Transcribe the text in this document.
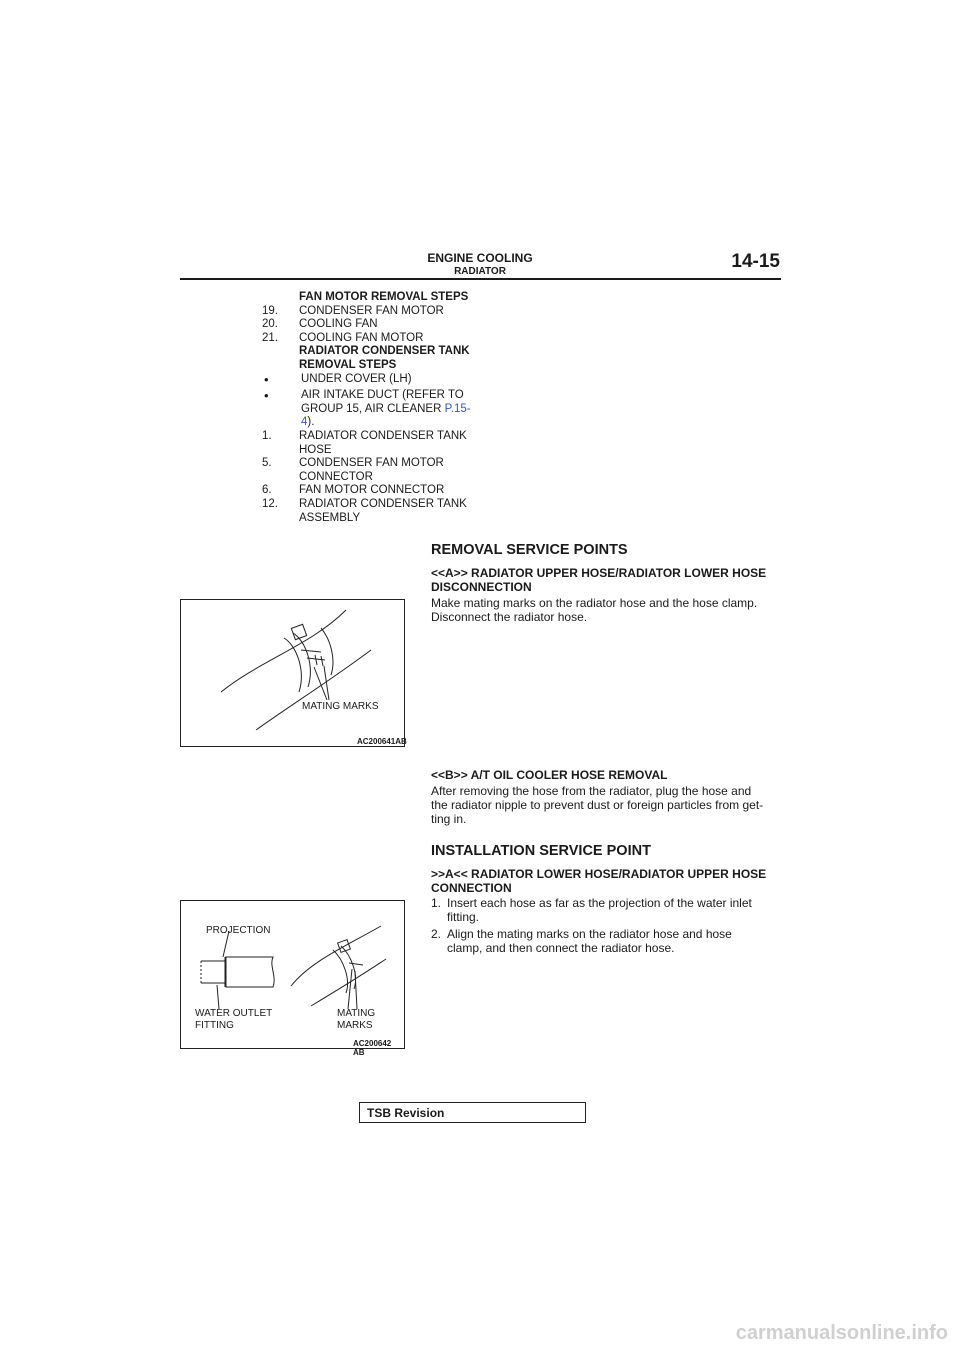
ENGINE COOLING
RADIATOR	14-15
FAN MOTOR REMOVAL STEPS
19.	CONDENSER FAN MOTOR
20.	COOLING FAN
21.	COOLING FAN MOTOR
RADIATOR CONDENSER TANK
REMOVAL STEPS
•	UNDER COVER (LH)
•	AIR INTAKE DUCT (REFER TO
GROUP 15, AIR CLEANER P.15-
4).
1.	RADIATOR CONDENSER TANK
HOSE
5.	CONDENSER FAN MOTOR
CONNECTOR
6.	FAN MOTOR CONNECTOR
12.	RADIATOR CONDENSER TANK
ASSEMBLY
REMOVAL SERVICE POINTS
<<A>> RADIATOR UPPER HOSE/RADIATOR LOWER HOSE
DISCONNECTION
Make mating marks on the radiator hose and the hose clamp.
Disconnect the radiator hose.
<<B>> A/T OIL COOLER HOSE REMOVAL
After removing the hose from the radiator, plug the hose and
the radiator nipple to prevent dust or foreign particles from get-
ting in.
INSTALLATION SERVICE POINT
>>A<< RADIATOR LOWER HOSE/RADIATOR UPPER HOSE
CONNECTION
1. Insert each hose as far as the projection of the water inlet
fitting.
2. Align the mating marks on the radiator hose and hose
clamp, and then connect the radiator hose.
MATING MARKS
AC200641AB
PROJECTION
WATER OUTLET
FITTING
MATING
MARKS
AC200642 AB
TSB Revision
carmanualsonline.info
